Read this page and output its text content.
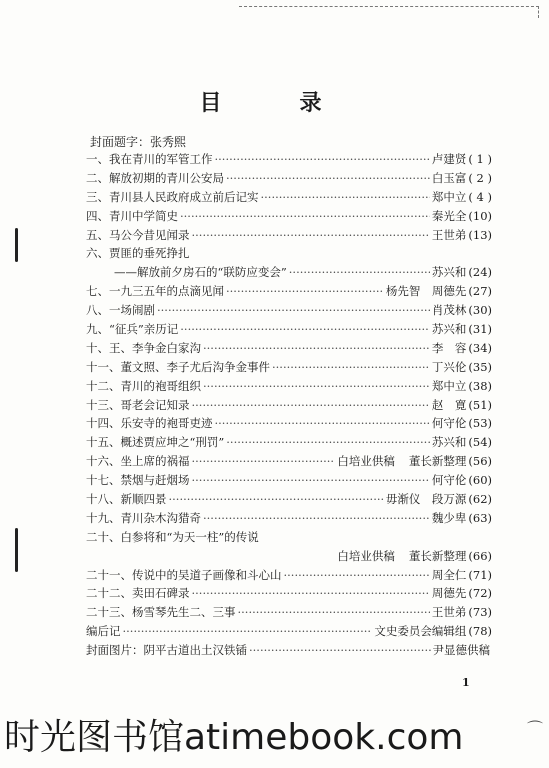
目　录
封面题字：张秀熙
一、我在青川的军管工作 ·····	卢建贤 ( 1 )
二、解放初期的青川公安局 ·····	白玉富 ( 2 )
三、青川县人民政府成立前后记实 ·····	郑中立 ( 4 )
四、青川中学简史 ·····	秦光全 (10)
五、马公今昔见闻录 ·····	王世弟 (13)
六、贾匪的垂死挣扎
——解放前夕房石的“联防应变会” ·····	苏兴和 (24)
七、一九三五年的点滴见闻 ·····	杨先智　周德先 (27)
八、一场闹剧 ·····	肖茂林 (30)
九、“征兵”亲历记 ·····	苏兴和 (31)
十、王、李争金白家沟 ·····	李　容 (34)
十一、董文照、李子尤后沟争金事件 ·····	丁兴伦 (35)
十二、青川的袍哥组织 ·····	郑中立 (38)
十三、哥老会记知录 ·····	赵　寛 (51)
十四、乐安寺的袍哥吏迹 ·····	何守伦 (53)
十五、概述贾应坤之“刑罚” ·····	苏兴和 (54)
十六、坐上席的祸福 ·····	白培业供稿 董长新整理 (56)
十七、禁烟与赶烟场 ·····	何守伦 (60)
十八、新顺四景 ·····	毋渐仪　段万源 (62)
十九、青川杂木沟猎奇 ·····	魏少卑 (63)
二十、白参将和“为天一柱”的传说
白培业供稿 董长新整理 (66)
二十一、传说中的吴道子画像和斗心山 ·····	周全仁 (71)
二十二、卖田石碑录 ·····	周德先 (72)
二十三、杨雪琴先生二、三事 ·····	王世弟 (73)
编后记 ·····	文史委员会编辑组 (78)
封面图片：阴平古道出土汉铁锸 ·····	尹显德供稿
1
时光图书馆atimebook.com	⌒
